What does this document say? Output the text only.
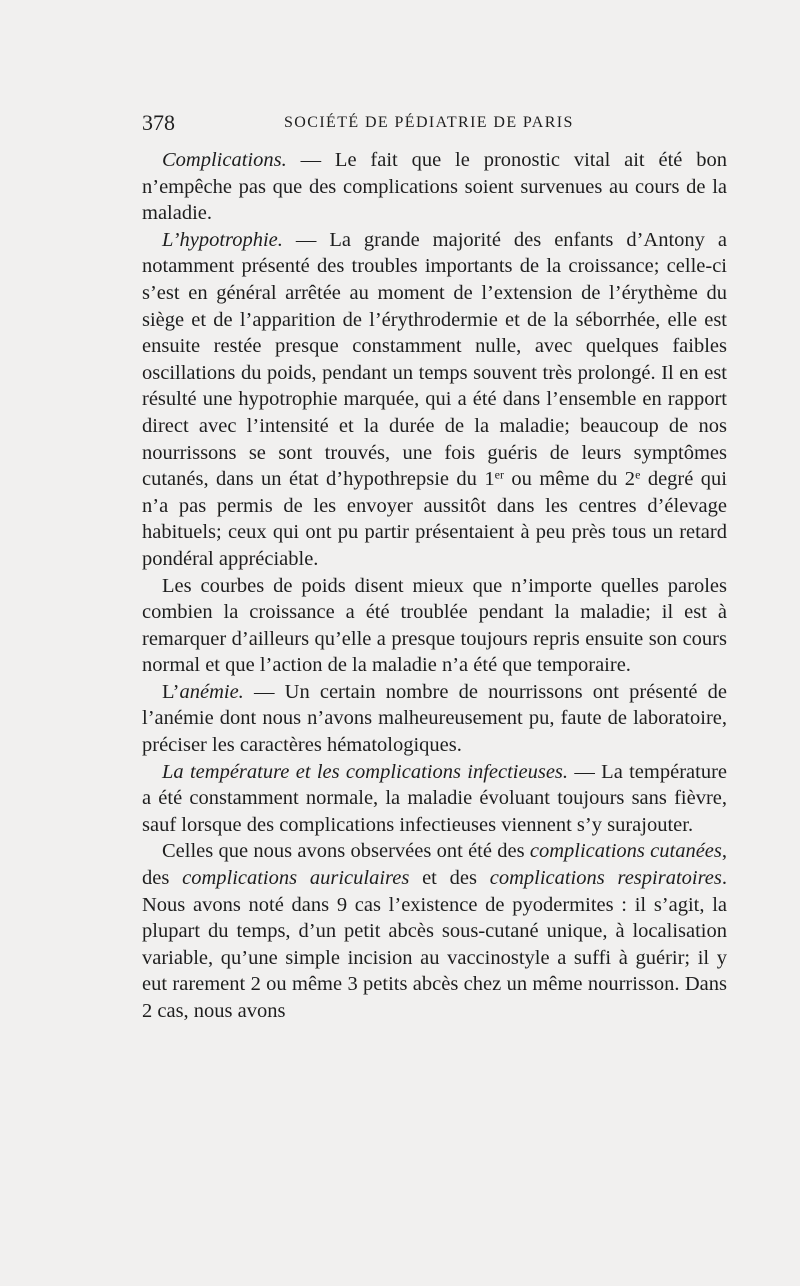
378	SOCIÉTÉ DE PÉDIATRIE DE PARIS

Complications. — Le fait que le pronostic vital ait été bon n’empêche pas que des complications soient survenues au cours de la maladie.

L’hypotrophie. — La grande majorité des enfants d’Antony a notamment présenté des troubles importants de la croissance; celle-ci s’est en général arrêtée au moment de l’extension de l’érythème du siège et de l’apparition de l’érythrodermie et de la séborrhée, elle est ensuite restée presque constamment nulle, avec quelques faibles oscillations du poids, pendant un temps souvent très prolongé. Il en est résulté une hypotrophie marquée, qui a été dans l’ensemble en rapport direct avec l’intensité et la durée de la maladie; beaucoup de nos nourrissons se sont trouvés, une fois guéris de leurs symptômes cutanés, dans un état d’hypothrepsie du 1er ou même du 2e degré qui n’a pas permis de les envoyer aussitôt dans les centres d’élevage habituels; ceux qui ont pu partir présentaient à peu près tous un retard pondéral appréciable.

Les courbes de poids disent mieux que n’importe quelles paroles combien la croissance a été troublée pendant la maladie; il est à remarquer d’ailleurs qu’elle a presque toujours repris ensuite son cours normal et que l’action de la maladie n’a été que temporaire.

L’anémie. — Un certain nombre de nourrissons ont présenté de l’anémie dont nous n’avons malheureusement pu, faute de laboratoire, préciser les caractères hématologiques.

La température et les complications infectieuses. — La température a été constamment normale, la maladie évoluant toujours sans fièvre, sauf lorsque des complications infectieuses viennent s’y surajouter.

Celles que nous avons observées ont été des complications cutanées, des complications auriculaires et des complications respiratoires. Nous avons noté dans 9 cas l’existence de pyodermites : il s’agit, la plupart du temps, d’un petit abcès sous-cutané unique, à localisation variable, qu’une simple incision au vaccinostyle a suffi à guérir; il y eut rarement 2 ou même 3 petits abcès chez un même nourrisson. Dans 2 cas, nous avons
